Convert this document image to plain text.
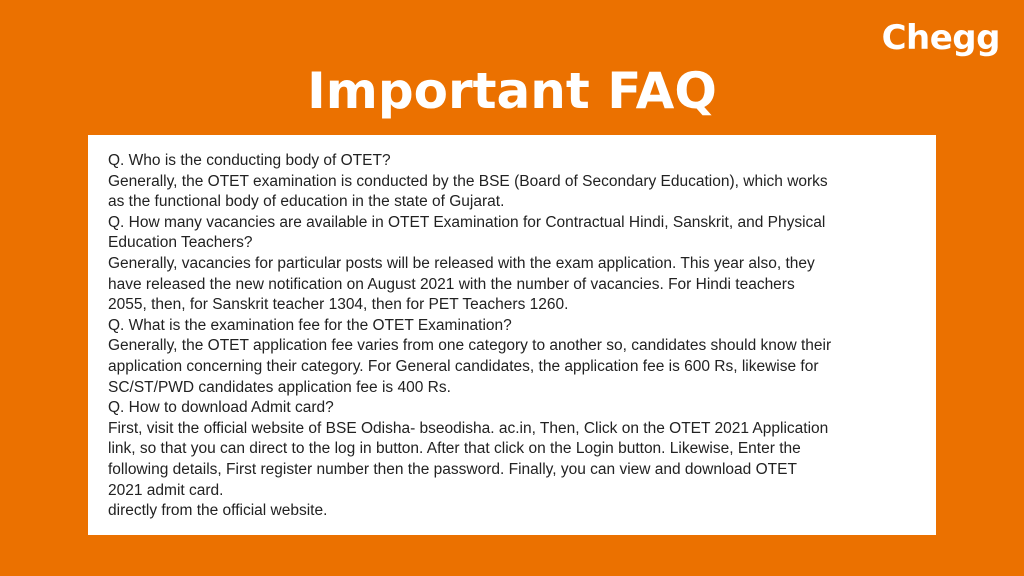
Chegg
Important FAQ
Q. Who is the conducting body of OTET?
Generally, the OTET examination is conducted by the BSE (Board of Secondary Education), which works
as the functional body of education in the state of Gujarat.
Q. How many vacancies are available in OTET Examination for Contractual Hindi, Sanskrit, and Physical
Education Teachers?
Generally, vacancies for particular posts will be released with the exam application. This year also, they
have released the new notification on August 2021 with the number of vacancies. For Hindi teachers
2055, then, for Sanskrit teacher 1304, then for PET Teachers 1260.
Q. What is the examination fee for the OTET Examination?
Generally, the OTET application fee varies from one category to another so, candidates should know their
application concerning their category. For General candidates, the application fee is 600 Rs, likewise for
SC/ST/PWD candidates application fee is 400 Rs.
Q. How to download Admit card?
First, visit the official website of BSE Odisha- bseodisha. ac.in, Then, Click on the OTET 2021 Application
link, so that you can direct to the log in button. After that click on the Login button. Likewise, Enter the
following details, First register number then the password. Finally, you can view and download OTET
2021 admit card.
directly from the official website.
